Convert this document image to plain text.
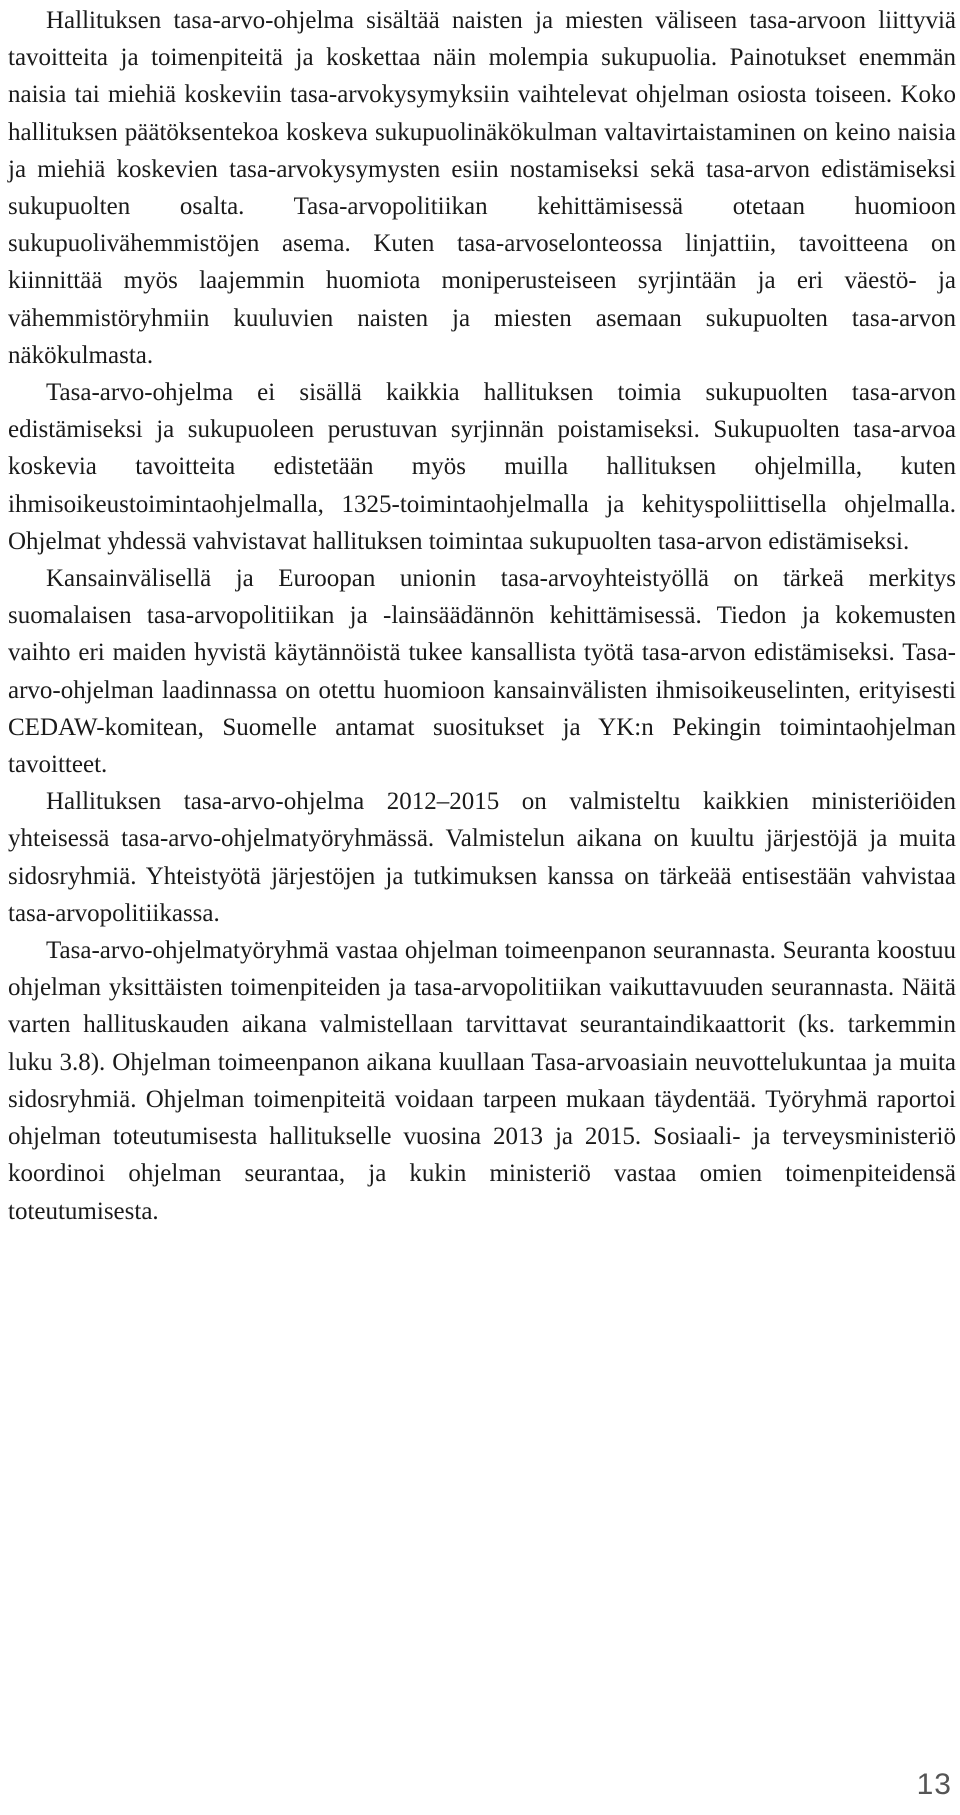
Hallituksen tasa-arvo-ohjelma sisältää naisten ja miesten väliseen tasa-arvoon liittyviä tavoitteita ja toimenpiteitä ja koskettaa näin molempia sukupuolia. Painotukset enemmän naisia tai miehiä koskeviin tasa-arvokysymyksiin vaihtelevat ohjelman osiosta toiseen. Koko hallituksen päätöksentekoa koskeva sukupuolinäkökulman valtavirtaistaminen on keino naisia ja miehiä koskevien tasa-arvokysymysten esiin nostamiseksi sekä tasa-arvon edistämiseksi sukupuolten osalta. Tasa-arvopolitiikan kehittämisessä otetaan huomioon sukupuolivähemmistöjen asema. Kuten tasa-arvoselonteossa linjattiin, tavoitteena on kiinnittää myös laajemmin huomiota moniperusteiseen syrjintään ja eri väestö- ja vähemmistöryhmiin kuuluvien naisten ja miesten asemaan sukupuolten tasa-arvon näkökulmasta.

Tasa-arvo-ohjelma ei sisällä kaikkia hallituksen toimia sukupuolten tasa-arvon edistämiseksi ja sukupuoleen perustuvan syrjinnän poistamiseksi. Sukupuolten tasa-arvoa koskevia tavoitteita edistetään myös muilla hallituksen ohjelmilla, kuten ihmisoikeustoimintaohjelmalla, 1325-toimintaohjelmalla ja kehityspoliittisella ohjelmalla. Ohjelmat yhdessä vahvistavat hallituksen toimintaa sukupuolten tasa-arvon edistämiseksi.

Kansainvälisellä ja Euroopan unionin tasa-arvoyhteistyöllä on tärkeä merkitys suomalaisen tasa-arvopolitiikan ja -lainsäädännön kehittämisessä. Tiedon ja kokemusten vaihto eri maiden hyvistä käytännöistä tukee kansallista työtä tasa-arvon edistämiseksi. Tasa-arvo-ohjelman laadinnassa on otettu huomioon kansainvälisten ihmisoikeuselinten, erityisesti CEDAW-komitean, Suomelle antamat suositukset ja YK:n Pekingin toimintaohjelman tavoitteet.

Hallituksen tasa-arvo-ohjelma 2012–2015 on valmisteltu kaikkien ministeriöiden yhteisessä tasa-arvo-ohjelmatyöryhmässä. Valmistelun aikana on kuultu järjestöjä ja muita sidosryhmiä. Yhteistyötä järjestöjen ja tutkimuksen kanssa on tärkeää entisestään vahvistaa tasa-arvopolitiikassa.

Tasa-arvo-ohjelmatyöryhmä vastaa ohjelman toimeenpanon seurannasta. Seuranta koostuu ohjelman yksittäisten toimenpiteiden ja tasa-arvopolitiikan vaikuttavuuden seurannasta. Näitä varten hallituskauden aikana valmistellaan tarvittavat seurantaindikaattorit (ks. tarkemmin luku 3.8). Ohjelman toimeenpanon aikana kuullaan Tasa-arvoasiain neuvottelukuntaa ja muita sidosryhmiä. Ohjelman toimenpiteitä voidaan tarpeen mukaan täydentää. Työryhmä raportoi ohjelman toteutumisesta hallitukselle vuosina 2013 ja 2015. Sosiaali- ja terveysministeriö koordinoi ohjelman seurantaa, ja kukin ministeriö vastaa omien toimenpiteidensä toteutumisesta.

13
